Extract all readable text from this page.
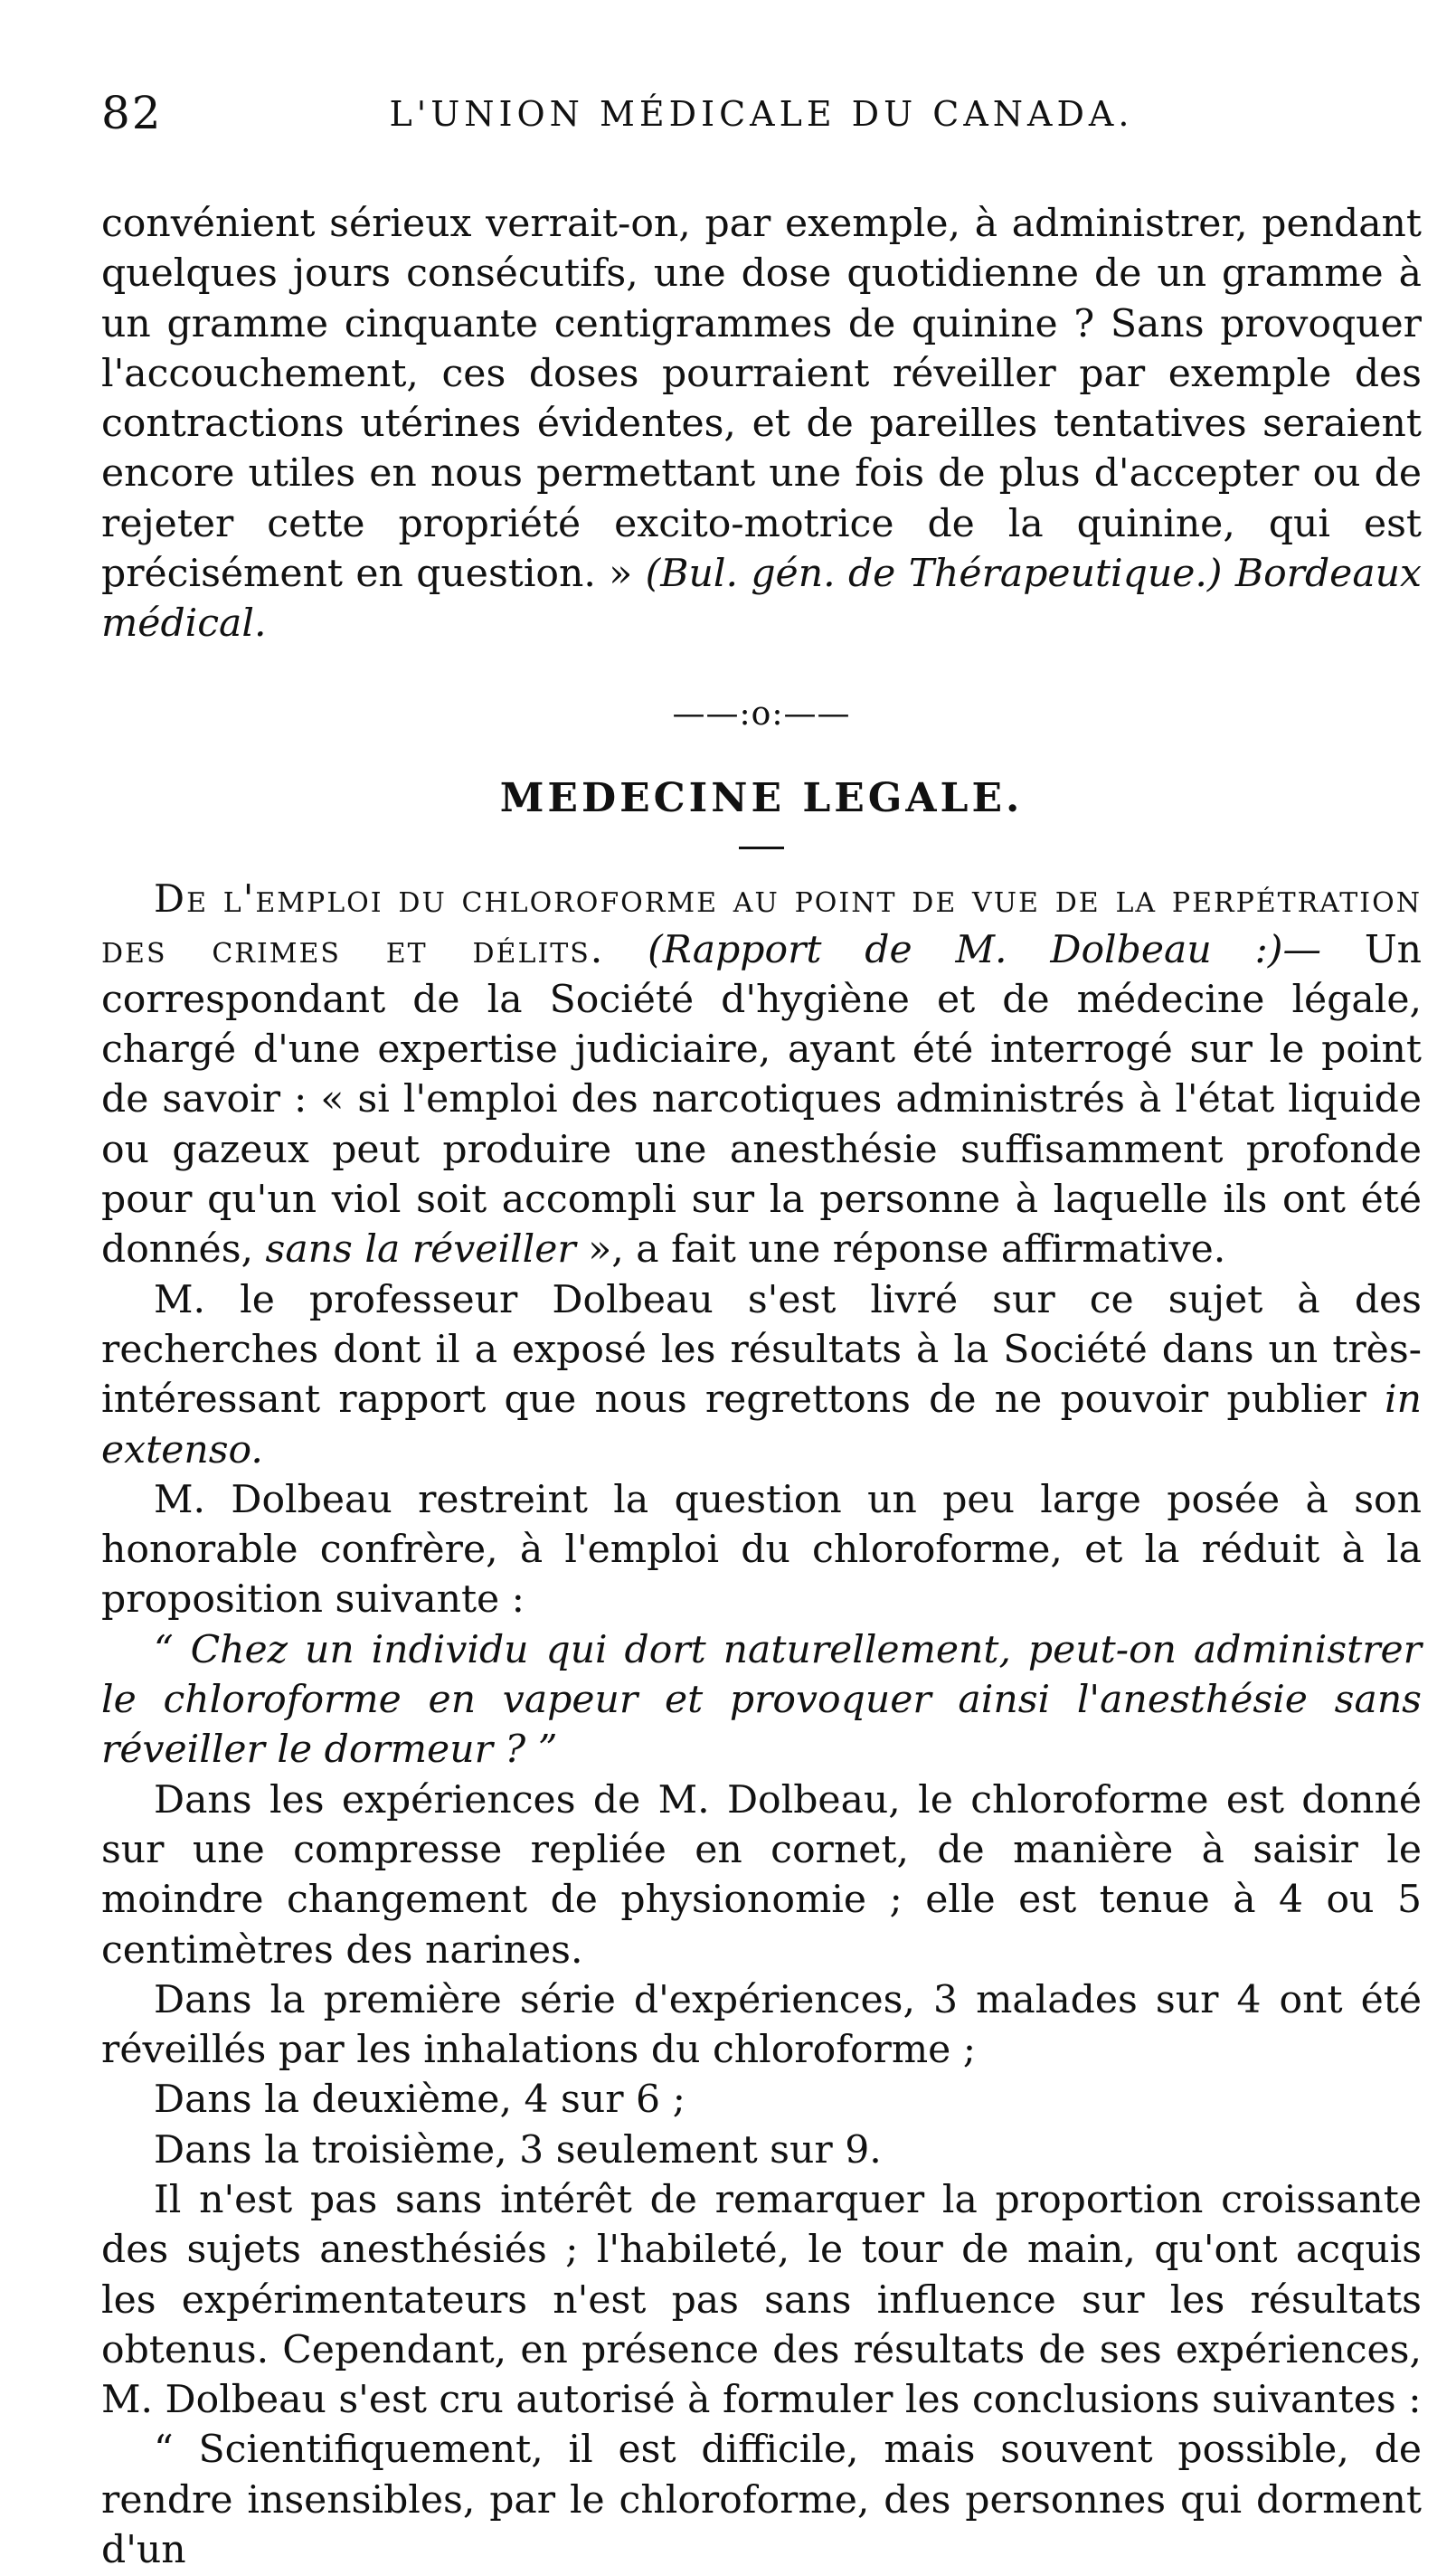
82	L'UNION MÉDICALE DU CANADA.

convénient sérieux verrait-on, par exemple, à administrer, pendant quelques jours consécutifs, une dose quotidienne de un gramme à un gramme cinquante centigrammes de quinine ? Sans provoquer l'accouchement, ces doses pourraient réveiller par exemple des contractions utérines évidentes, et de pareilles tentatives seraient encore utiles en nous permettant une fois de plus d'accepter ou de rejeter cette propriété excito-motrice de la quinine, qui est précisément en question. » (Bul. gén. de Thérapeutique.) Bordeaux médical.

——:o:——
MEDECINE LEGALE.

De l'emploi du chloroforme au point de vue de la perpétration des crimes et délits. (Rapport de M. Dolbeau :)— Un correspondant de la Société d'hygiène et de médecine légale, chargé d'une expertise judiciaire, ayant été interrogé sur le point de savoir : « si l'emploi des narcotiques administrés à l'état liquide ou gazeux peut produire une anesthésie suffisamment profonde pour qu'un viol soit accompli sur la personne à laquelle ils ont été donnés, sans la réveiller », a fait une réponse affirmative.

M. le professeur Dolbeau s'est livré sur ce sujet à des recherches dont il a exposé les résultats à la Société dans un très-intéressant rapport que nous regrettons de ne pouvoir publier in extenso.

M. Dolbeau restreint la question un peu large posée à son honorable confrère, à l'emploi du chloroforme, et la réduit à la proposition suivante :

“ Chez un individu qui dort naturellement, peut-on administrer le chloroforme en vapeur et provoquer ainsi l'anesthésie sans réveiller le dormeur ? ”

Dans les expériences de M. Dolbeau, le chloroforme est donné sur une compresse repliée en cornet, de manière à saisir le moindre changement de physionomie ; elle est tenue à 4 ou 5 centimètres des narines.

Dans la première série d'expériences, 3 malades sur 4 ont été réveillés par les inhalations du chloroforme ;

Dans la deuxième, 4 sur 6 ;

Dans la troisième, 3 seulement sur 9.

Il n'est pas sans intérêt de remarquer la proportion croissante des sujets anesthésiés ; l'habileté, le tour de main, qu'ont acquis les expérimentateurs n'est pas sans influence sur les résultats obtenus. Cependant, en présence des résultats de ses expériences, M. Dolbeau s'est cru autorisé à formuler les conclusions suivantes :

“ Scientifiquement, il est difficile, mais souvent possible, de rendre insensibles, par le chloroforme, des personnes qui dorment d'un
